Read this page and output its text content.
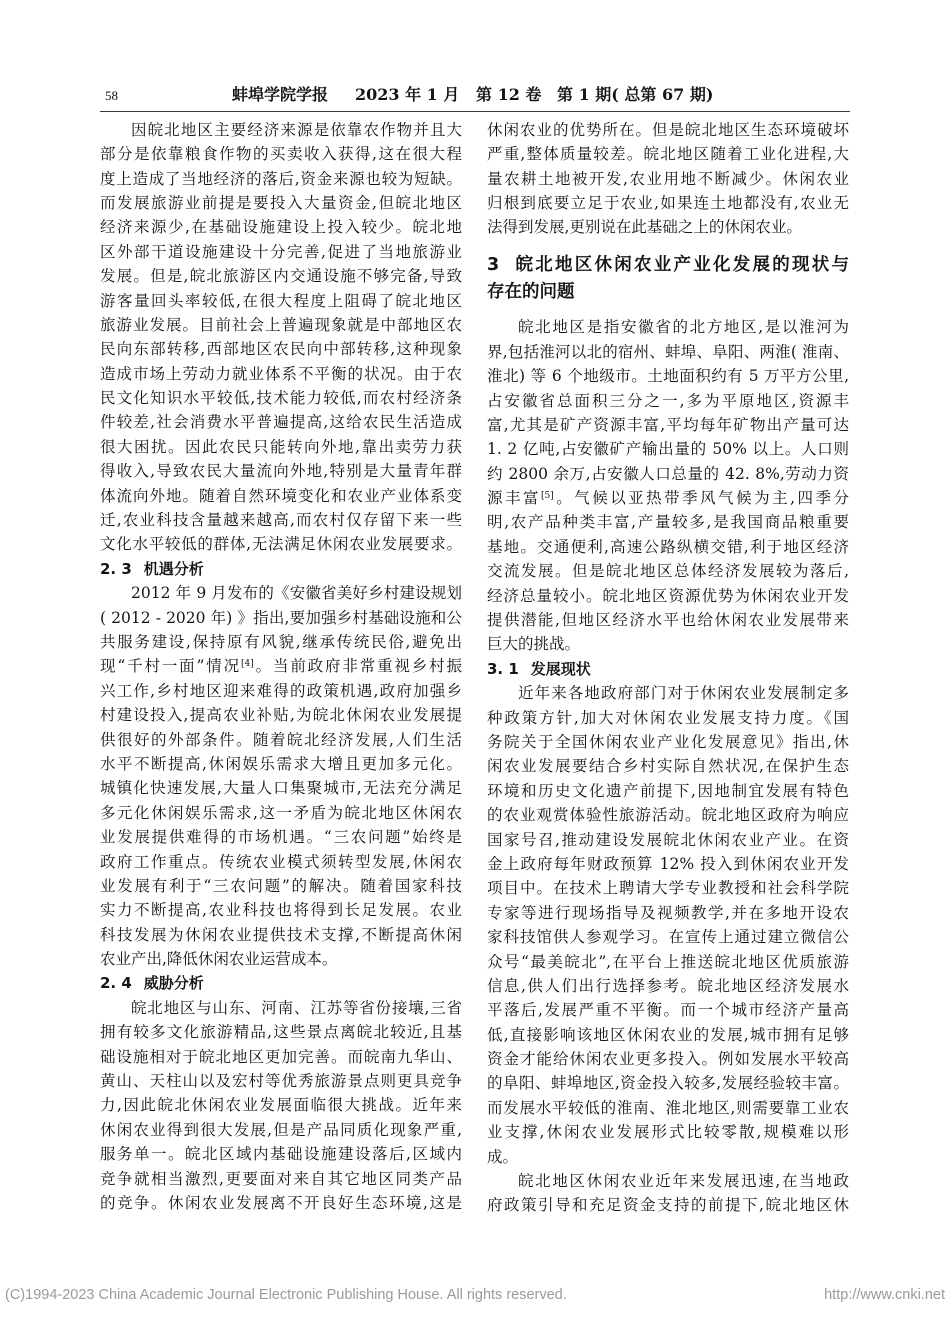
58	蚌埠学院学报 2023 年 1 月 第 12 卷 第 1 期( 总第 67 期)
因皖北地区主要经济来源是依靠农作物并且大
部分是依靠粮食作物的买卖收入获得,这在很大程
度上造成了当地经济的落后,资金来源也较为短缺。
而发展旅游业前提是要投入大量资金,但皖北地区
经济来源少,在基础设施建设上投入较少。皖北地
区外部干道设施建设十分完善,促进了当地旅游业
发展。但是,皖北旅游区内交通设施不够完备,导致
游客量回头率较低,在很大程度上阻碍了皖北地区
旅游业发展。目前社会上普遍现象就是中部地区农
民向东部转移,西部地区农民向中部转移,这种现象
造成市场上劳动力就业体系不平衡的状况。由于农
民文化知识水平较低,技术能力较低,而农村经济条
件较差,社会消费水平普遍提高,这给农民生活造成
很大困扰。因此农民只能转向外地,靠出卖劳力获
得收入,导致农民大量流向外地,特别是大量青年群
体流向外地。随着自然环境变化和农业产业体系变
迁,农业科技含量越来越高,而农村仅存留下来一些
文化水平较低的群体,无法满足休闲农业发展要求。
2. 3 机遇分析
2012 年 9 月发布的《安徽省美好乡村建设规划
( 2012 - 2020 年) 》指出,要加强乡村基础设施和公
共服务建设,保持原有风貌,继承传统民俗,避免出
现“千村一面”情况[4]。当前政府非常重视乡村振
兴工作,乡村地区迎来难得的政策机遇,政府加强乡
村建设投入,提高农业补贴,为皖北休闲农业发展提
供很好的外部条件。随着皖北经济发展,人们生活
水平不断提高,休闲娱乐需求大增且更加多元化。
城镇化快速发展,大量人口集聚城市,无法充分满足
多元化休闲娱乐需求,这一矛盾为皖北地区休闲农
业发展提供难得的市场机遇。“三农问题”始终是
政府工作重点。传统农业模式须转型发展,休闲农
业发展有利于“三农问题”的解决。随着国家科技
实力不断提高,农业科技也将得到长足发展。农业
科技发展为休闲农业提供技术支撑,不断提高休闲
农业产出,降低休闲农业运营成本。
2. 4 威胁分析
皖北地区与山东、河南、江苏等省份接壤,三省
拥有较多文化旅游精品,这些景点离皖北较近,且基
础设施相对于皖北地区更加完善。而皖南九华山、
黄山、天柱山以及宏村等优秀旅游景点则更具竞争
力,因此皖北休闲农业发展面临很大挑战。近年来
休闲农业得到很大发展,但是产品同质化现象严重,
服务单一。皖北区域内基础设施建设落后,区域内
竞争就相当激烈,更要面对来自其它地区同类产品
的竞争。休闲农业发展离不开良好生态环境,这是
休闲农业的优势所在。但是皖北地区生态环境破坏
严重,整体质量较差。皖北地区随着工业化进程,大
量农耕土地被开发,农业用地不断减少。休闲农业
归根到底要立足于农业,如果连土地都没有,农业无
法得到发展,更别说在此基础之上的休闲农业。
3 皖北地区休闲农业产业化发展的现状与
存在的问题
皖北地区是指安徽省的北方地区,是以淮河为
界,包括淮河以北的宿州、蚌埠、阜阳、两淮( 淮南、
淮北) 等 6 个地级市。土地面积约有 5 万平方公里,
占安徽省总面积三分之一,多为平原地区,资源丰
富,尤其是矿产资源丰富,平均每年矿物出产量可达
1. 2 亿吨,占安徽矿产输出量的 50% 以上。人口则
约 2800 余万,占安徽人口总量的 42. 8%,劳动力资
源丰富[5]。气候以亚热带季风气候为主,四季分
明,农产品种类丰富,产量较多,是我国商品粮重要
基地。交通便利,高速公路纵横交错,利于地区经济
交流发展。但是皖北地区总体经济发展较为落后,
经济总量较小。皖北地区资源优势为休闲农业开发
提供潜能,但地区经济水平也给休闲农业发展带来
巨大的挑战。
3. 1 发展现状
近年来各地政府部门对于休闲农业发展制定多
种政策方针,加大对休闲农业发展支持力度。《国
务院关于全国休闲农业产业化发展意见》指出,休
闲农业发展要结合乡村实际自然状况,在保护生态
环境和历史文化遗产前提下,因地制宜发展有特色
的农业观赏体验性旅游活动。皖北地区政府为响应
国家号召,推动建设发展皖北休闲农业产业。在资
金上政府每年财政预算 12% 投入到休闲农业开发
项目中。在技术上聘请大学专业教授和社会科学院
专家等进行现场指导及视频教学,并在多地开设农
家科技馆供人参观学习。在宣传上通过建立微信公
众号“最美皖北”,在平台上推送皖北地区优质旅游
信息,供人们出行选择参考。皖北地区经济发展水
平落后,发展严重不平衡。而一个城市经济产量高
低,直接影响该地区休闲农业的发展,城市拥有足够
资金才能给休闲农业更多投入。例如发展水平较高
的阜阳、蚌埠地区,资金投入较多,发展经验较丰富。
而发展水平较低的淮南、淮北地区,则需要靠工业农
业支撑,休闲农业发展形式比较零散,规模难以形
成。
皖北地区休闲农业近年来发展迅速,在当地政
府政策引导和充足资金支持的前提下,皖北地区休
(C)1994-2023 China Academic Journal Electronic Publishing House. All rights reserved.	http://www.cnki.net
